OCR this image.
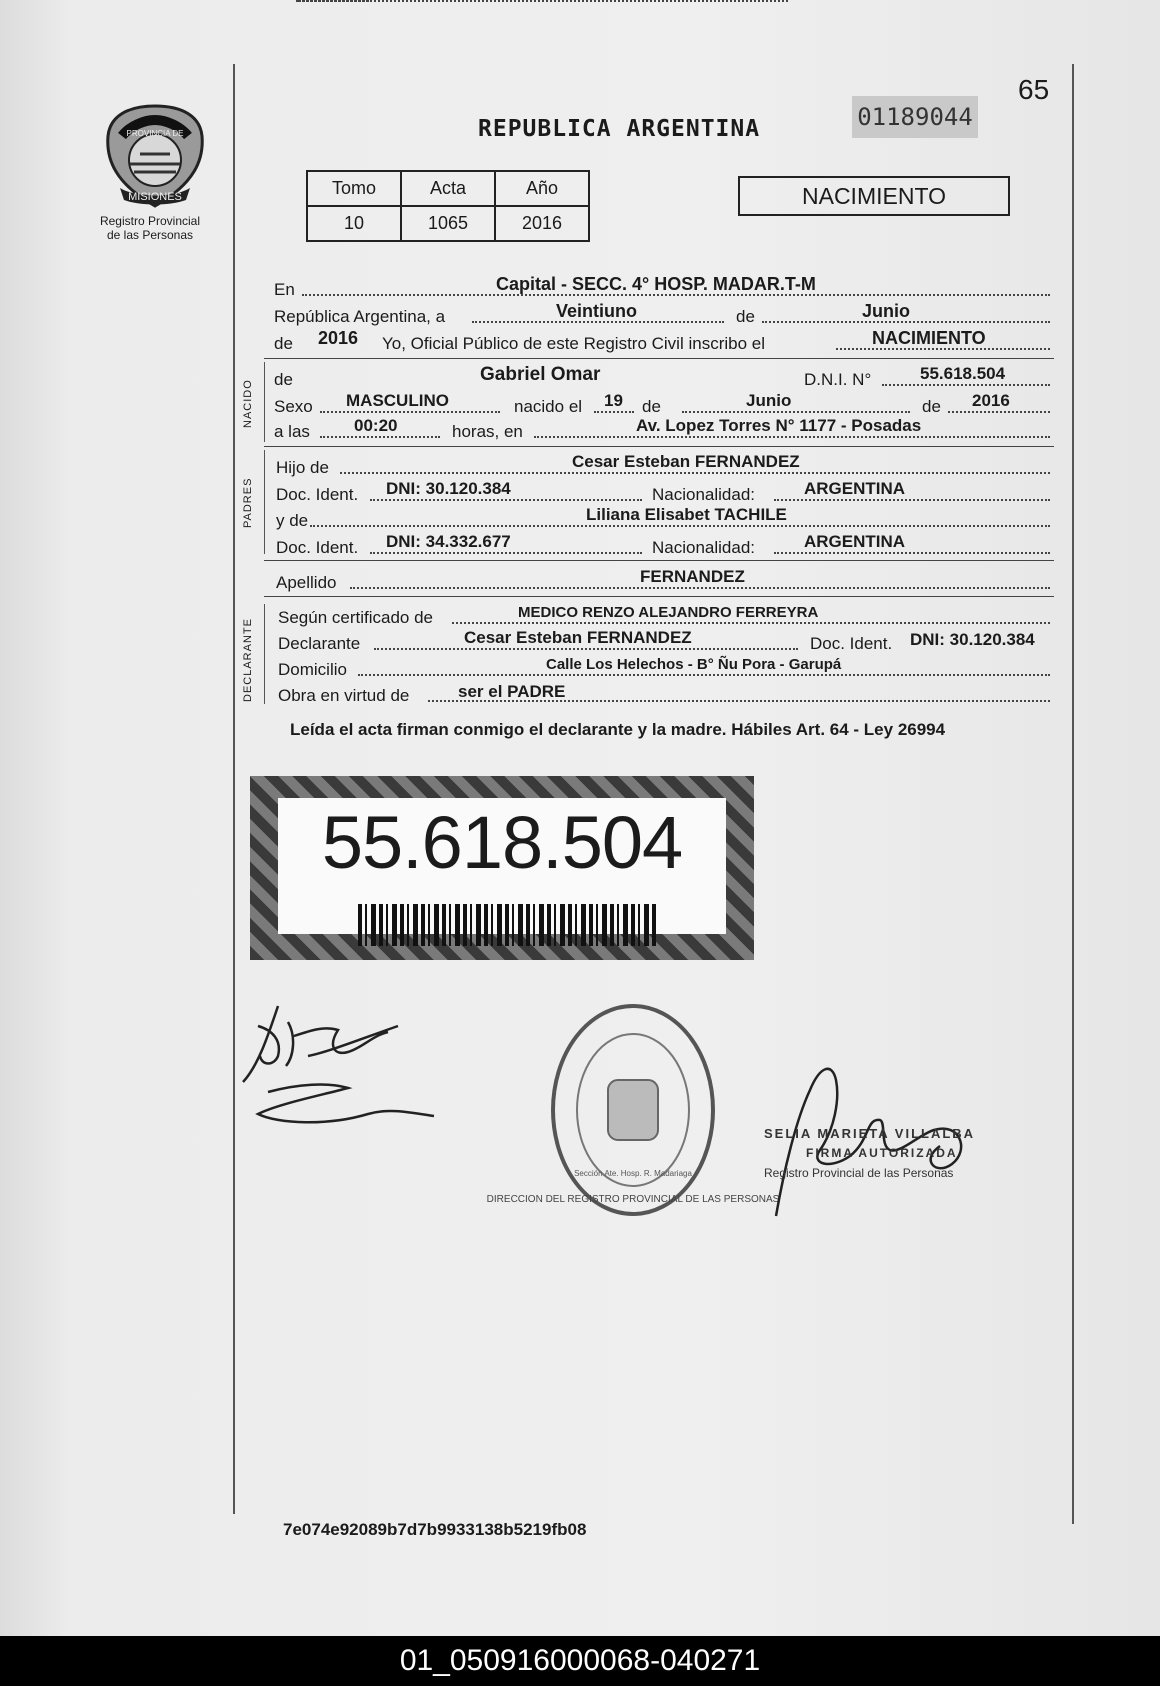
MISIONES
PROVINCIA DE
Registro Provincial
de las Personas
REPUBLICA ARGENTINA	01189044
65
Tomo	Acta	Año
10	1065	2016
NACIMIENTO
En	Capital - SECC. 4° HOSP. MADAR.T-M
República Argentina, a	Veintiuno	de	Junio
de 2016 Yo, Oficial Público de este Registro Civil inscribo el	NACIMIENTO
NACIDO de	Gabriel Omar	D.N.I. N°	55.618.504
Sexo MASCULINO	nacido el 19 de	Junio	de 2016
a las	00:20	horas, en	Av. Lopez Torres N° 1177 - Posadas
PADRES
Hijo de	Cesar Esteban FERNANDEZ
Doc. Ident. DNI: 30.120.384	Nacionalidad:	ARGENTINA
y de	Liliana Elisabet TACHILE
Doc. Ident. DNI: 34.332.677	Nacionalidad:	ARGENTINA
Apellido	FERNANDEZ
DECLARANTE
Según certificado de	MEDICO RENZO ALEJANDRO FERREYRA
Declarante	Cesar Esteban FERNANDEZ	Doc. Ident. DNI: 30.120.384
Domicilio	Calle Los Helechos - B° Ñu Pora - Garupá
Obra en virtud de	ser el PADRE
Leída el acta firman conmigo el declarante y la madre. Hábiles Art. 64 - Ley 26994
55.618.504
DIRECCION DEL REGISTRO PROVINCIAL DE LAS PERSONAS
Sección Ate. Hosp. R. Madariaga
SELIA MARIETA VILLALBA
FIRMA AUTORIZADA
Registro Provincial de las Personas
7e074e92089b7d7b9933138b5219fb08
01_050916000068-040271
